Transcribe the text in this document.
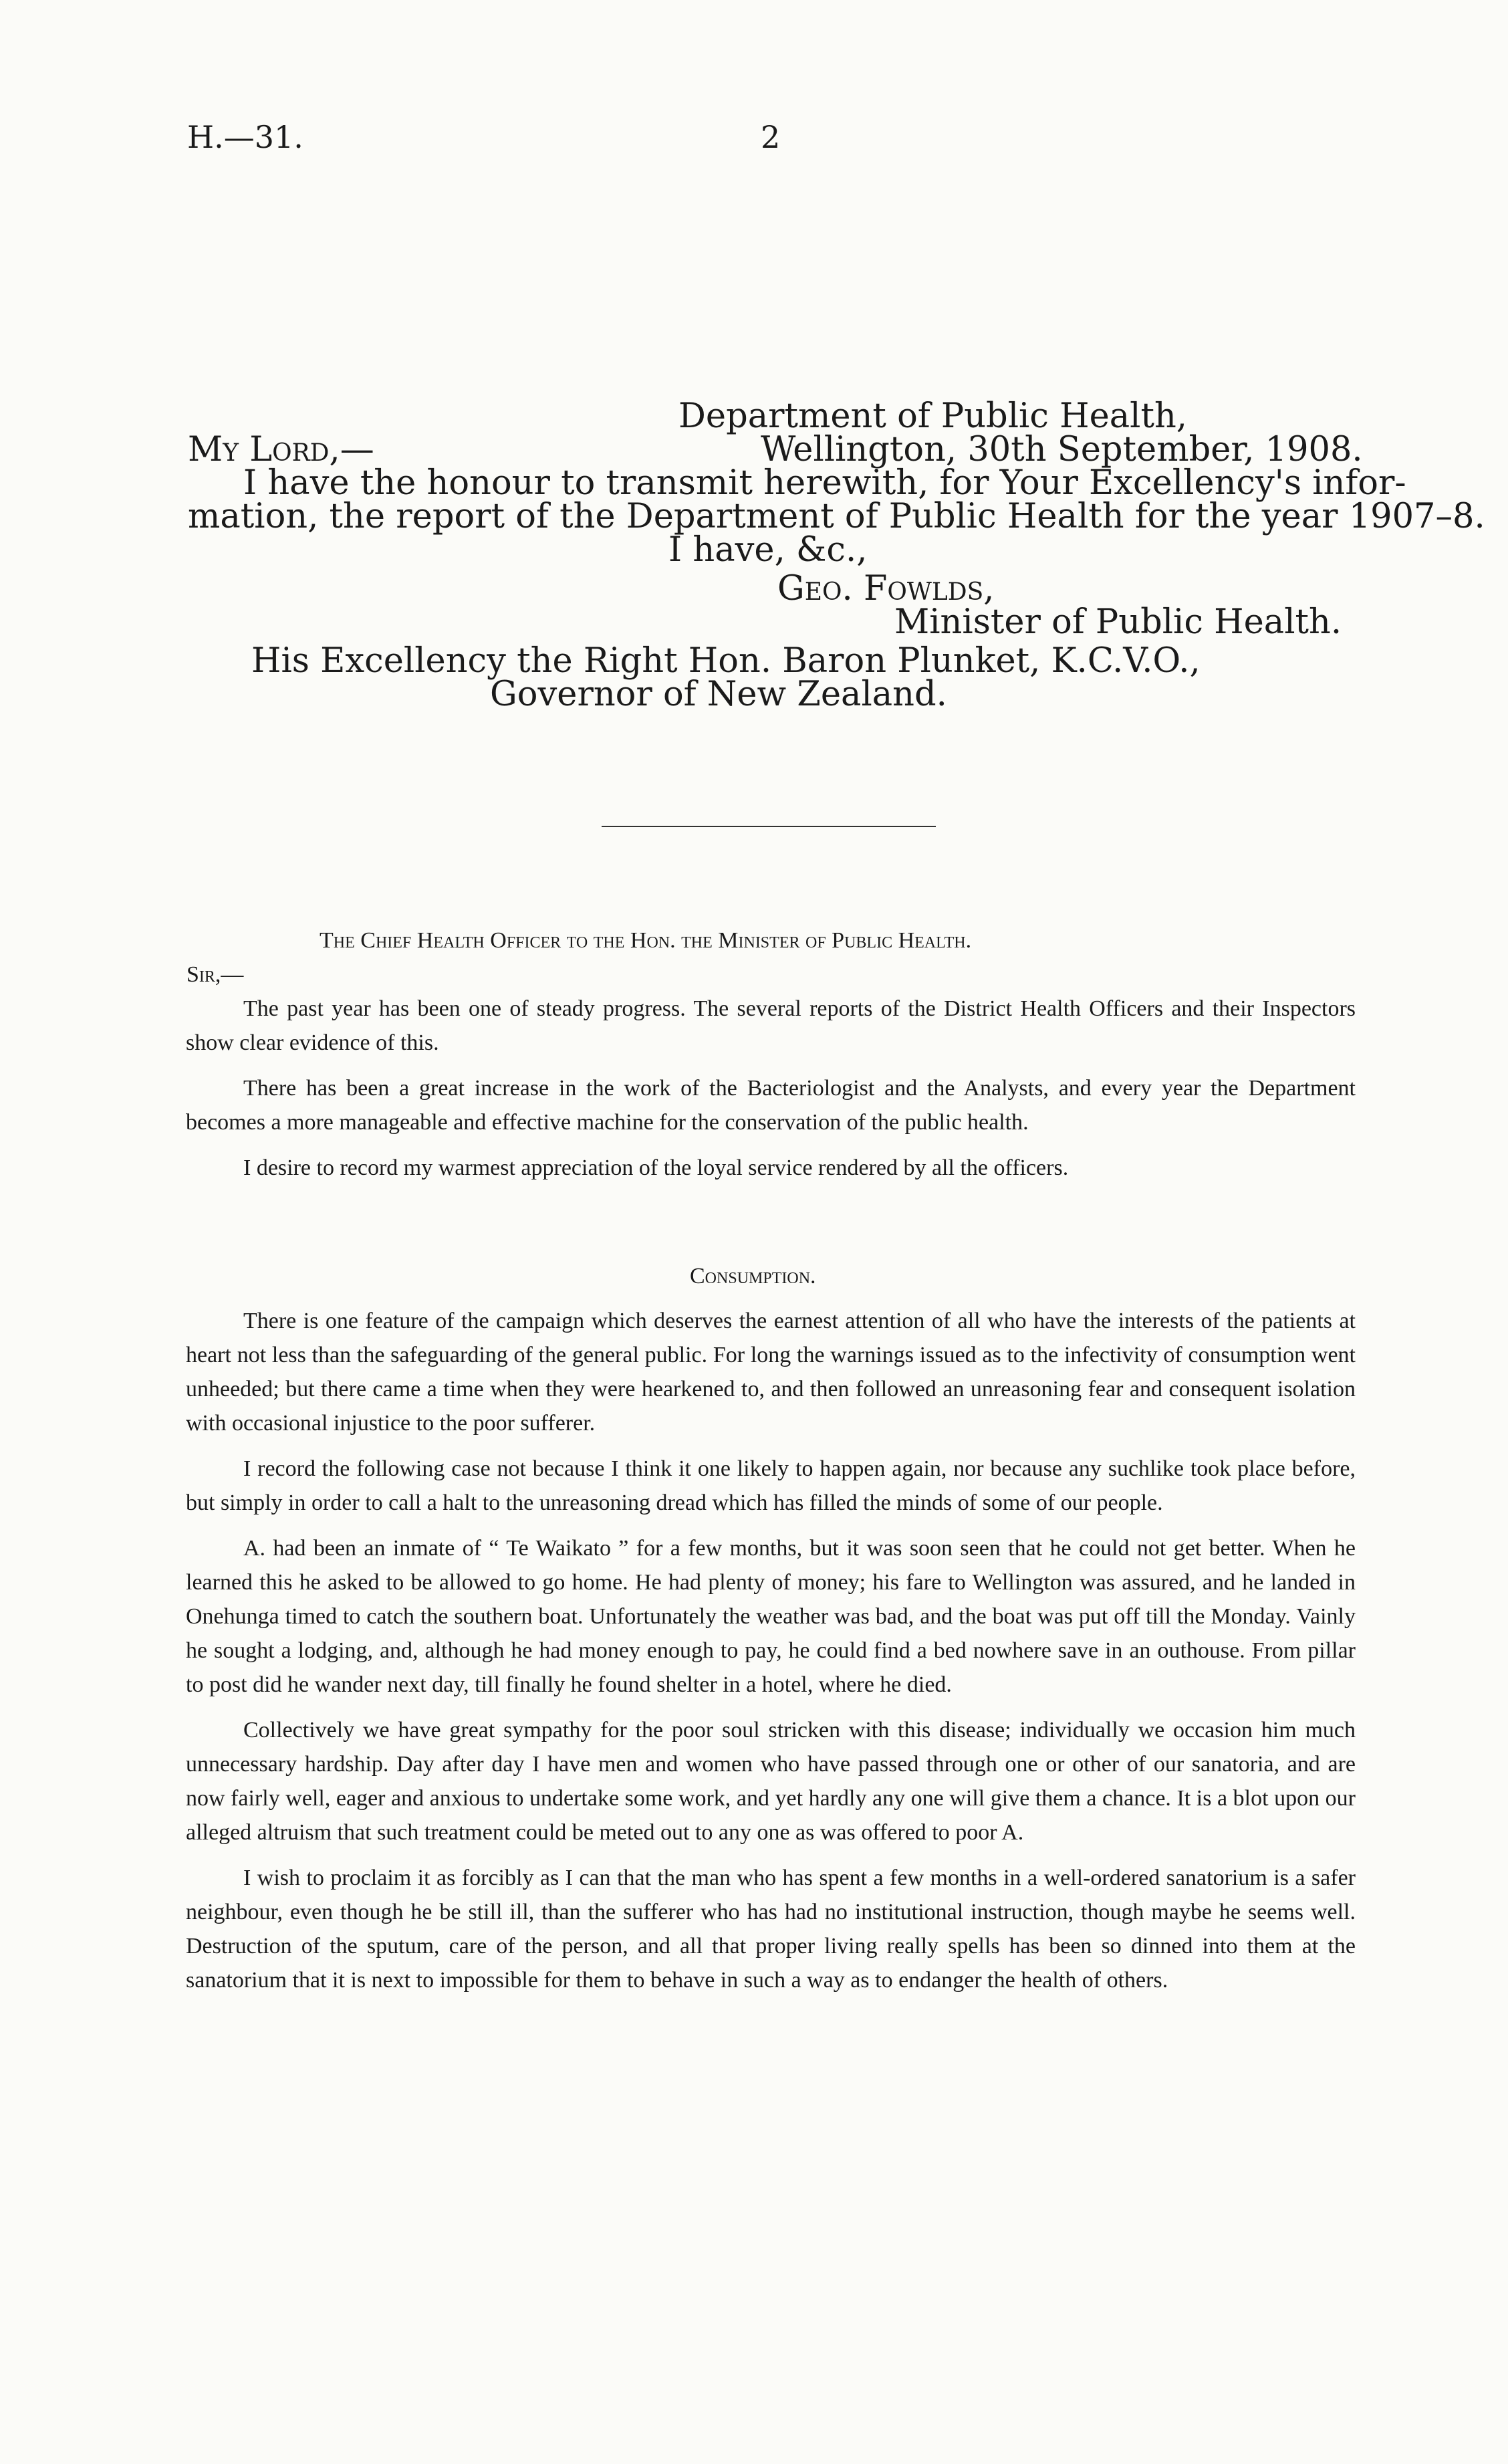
H.—31.	2
Department of Public Health,
My Lord,—	Wellington, 30th September, 1908.
I have the honour to transmit herewith, for Your Excellency's infor-
mation, the report of the Department of Public Health for the year 1907–8.
I have, &c.,
Geo. Fowlds,
Minister of Public Health.
His Excellency the Right Hon. Baron Plunket, K.C.V.O.,
Governor of New Zealand.
The Chief Health Officer to the Hon. the Minister of Public Health.
Sir,—

The past year has been one of steady progress. The several reports of the District Health Officers and their Inspectors show clear evidence of this.

There has been a great increase in the work of the Bacteriologist and the Analysts, and every year the Department becomes a more manageable and effective machine for the conservation of the public health.

I desire to record my warmest appreciation of the loyal service rendered by all the officers.

Consumption.

There is one feature of the campaign which deserves the earnest attention of all who have the interests of the patients at heart not less than the safeguarding of the general public. For long the warnings issued as to the infectivity of consumption went unheeded; but there came a time when they were hearkened to, and then followed an unreasoning fear and consequent isolation with occasional injustice to the poor sufferer.

I record the following case not because I think it one likely to happen again, nor because any suchlike took place before, but simply in order to call a halt to the unreasoning dread which has filled the minds of some of our people.

A. had been an inmate of “ Te Waikato ” for a few months, but it was soon seen that he could not get better. When he learned this he asked to be allowed to go home. He had plenty of money; his fare to Wellington was assured, and he landed in Onehunga timed to catch the southern boat. Unfortunately the weather was bad, and the boat was put off till the Monday. Vainly he sought a lodging, and, although he had money enough to pay, he could find a bed nowhere save in an outhouse. From pillar to post did he wander next day, till finally he found shelter in a hotel, where he died.

Collectively we have great sympathy for the poor soul stricken with this disease; individually we occasion him much unnecessary hardship. Day after day I have men and women who have passed through one or other of our sanatoria, and are now fairly well, eager and anxious to undertake some work, and yet hardly any one will give them a chance. It is a blot upon our alleged altruism that such treatment could be meted out to any one as was offered to poor A.

I wish to proclaim it as forcibly as I can that the man who has spent a few months in a well-ordered sanatorium is a safer neighbour, even though he be still ill, than the sufferer who has had no institutional instruction, though maybe he seems well. Destruction of the sputum, care of the person, and all that proper living really spells has been so dinned into them at the sanatorium that it is next to impossible for them to behave in such a way as to endanger the health of others.
